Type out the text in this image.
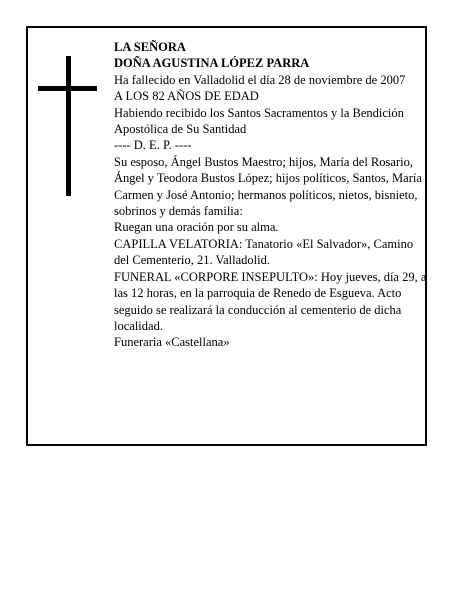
LA SEÑORA

DOÑA AGUSTINA LÓPEZ PARRA

Ha fallecido en Valladolid el día 28 de noviembre de 2007

A LOS 82 AÑOS DE EDAD

Habiendo recibido los Santos Sacramentos y la Bendición Apostólica de Su Santidad

---- D. E. P. ----

Su esposo, Ángel Bustos Maestro; hijos, María del Rosario, Ángel y Teodora Bustos López; hijos políticos, Santos, María Carmen y José Antonio; hermanos políticos, nietos, bisnieto, sobrinos y demás familia:

Ruegan una oración por su alma.

CAPILLA VELATORIA: Tanatorio «El Salvador», Camino del Cementerio, 21. Valladolid.

FUNERAL «CORPORE INSEPULTO»: Hoy jueves, día 29, a las 12 horas, en la parroquia de Renedo de Esgueva. Acto seguido se realizará la conducción al cementerio de dicha localidad.

Funeraria «Castellana»
